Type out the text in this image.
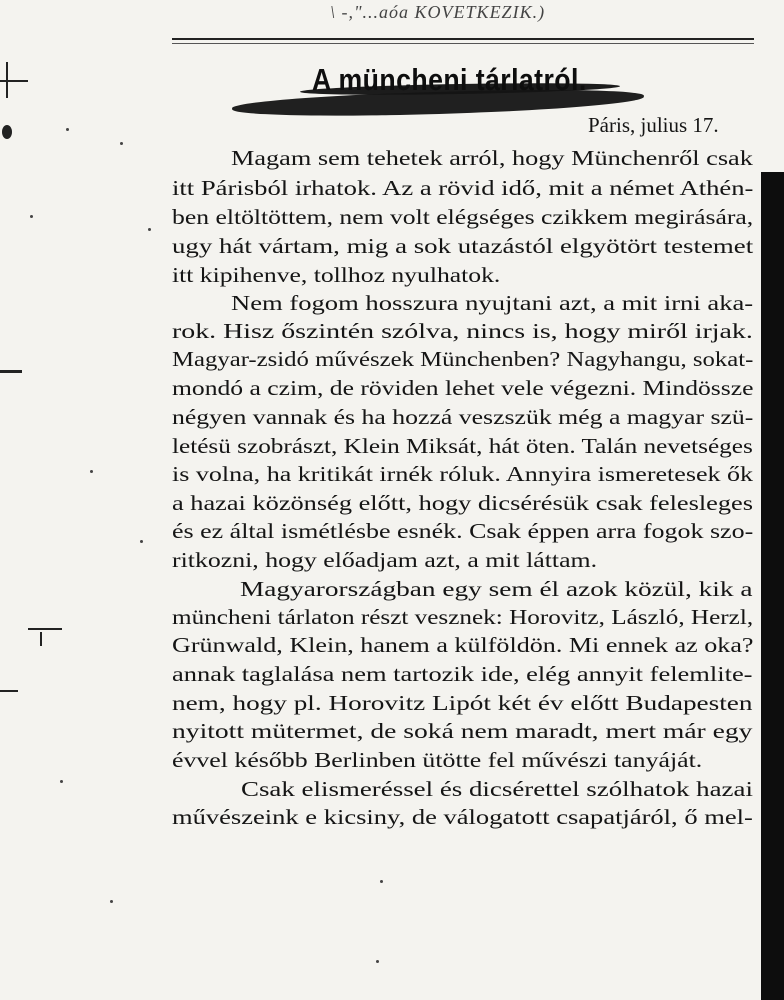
\ -,"...aóa KOVETKEZIK.)
A müncheni tárlatról.
Páris, julius 17.
Magam sem tehetek arról, hogy Münchenről csak
itt Párisból irhatok. Az a rövid idő, mit a német Athén-
ben eltöltöttem, nem volt elégséges czikkem megirására,
ugy hát vártam, mig a sok utazástól elgyötört testemet
itt kipihenve, tollhoz nyulhatok.
Nem fogom hosszura nyujtani azt, a mit irni aka-
rok. Hisz őszintén szólva, nincs is, hogy miről irjak.
Magyar-zsidó művészek Münchenben? Nagyhangu, sokat-
mondó a czim, de röviden lehet vele végezni. Mindössze
négyen vannak és ha hozzá veszszük még a magyar szü-
letésü szobrászt, Klein Miksát, hát öten. Talán nevetséges
is volna, ha kritikát irnék róluk. Annyira ismeretesek ők
a hazai közönség előtt, hogy dicsérésük csak felesleges
és ez által ismétlésbe esnék. Csak éppen arra fogok szo-
ritkozni, hogy előadjam azt, a mit láttam.
Magyarországban egy sem él azok közül, kik a
müncheni tárlaton részt vesznek: Horovitz, László, Herzl,
Grünwald, Klein, hanem a külföldön. Mi ennek az oka?
annak taglalása nem tartozik ide, elég annyit felemlite-
nem, hogy pl. Horovitz Lipót két év előtt Budapesten
nyitott mütermet, de soká nem maradt, mert már egy
évvel később Berlinben ütötte fel művészi tanyáját.
Csak elismeréssel és dicsérettel szólhatok hazai
művészeink e kicsiny, de válogatott csapatjáról, ő mel-
